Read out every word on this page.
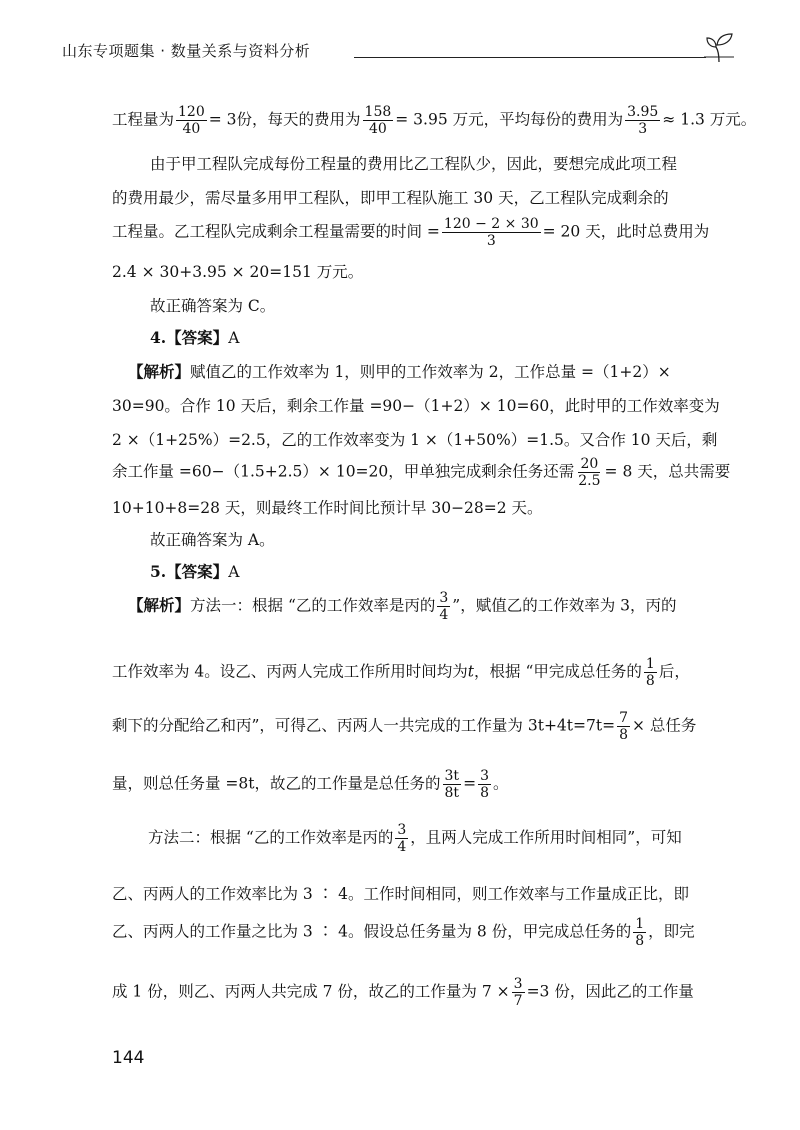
山东专项题集 · 数量关系与资料分析
工程量为 $\frac{120}{40} = 3$份，每天的费用为 $\frac{158}{40} = 3.95$ 万元，平均每份的费用为 $\frac{3.95}{3} \approx 1.3$ 万元。
由于甲工程队完成每份工程量的费用比乙工程队少，因此，要想完成此项工程
的费用最少，需尽量多用甲工程队，即甲工程队施工 30 天，乙工程队完成剩余的
工程量。乙工程队完成剩余工程量需要的时间 = $\frac{120 - 2 \times 30}{3} = 20$ 天，此时总费用为
2.4 × 30+3.95 × 20=151 万元。
故正确答案为 C。
4.【答案】A
【解析】赋值乙的工作效率为 1，则甲的工作效率为 2，工作总量 =（1+2）×
30=90。合作 10 天后，剩余工作量 =90−（1+2）× 10=60，此时甲的工作效率变为
2 ×（1+25%）=2.5，乙的工作效率变为 1 ×（1+50%）=1.5。又合作 10 天后，剩
余工作量 =60−（1.5+2.5）× 10=20，甲单独完成剩余任务还需 $\frac{20}{2.5} = 8$ 天，总共需要
10+10+8=28 天，则最终工作时间比预计早 30−28=2 天。
故正确答案为 A。
5.【答案】A
【解析】方法一：根据 “乙的工作效率是丙的 $\frac{3}{4}$ ”，赋值乙的工作效率为 3，丙的
工作效率为 4。设乙、丙两人完成工作所用时间均为t，根据 “甲完成总任务的 $\frac{1}{8}$ 后，
剩下的分配给乙和丙”，可得乙、丙两人一共完成的工作量为 $3t+4t=7t= \frac{7}{8}$ × 总任务
量，则总任务量 =8t，故乙的工作量是总任务的 $\frac{3t}{8t} = \frac{3}{8}$ 。
方法二：根据 “乙的工作效率是丙的 $\frac{3}{4}$ ，且两人完成工作所用时间相同”，可知
乙、丙两人的工作效率比为 3 ∶ 4。工作时间相同，则工作效率与工作量成正比，即
乙、丙两人的工作量之比为 3 ∶ 4。假设总任务量为 8 份，甲完成总任务的 $\frac{1}{8}$ ，即完
成 1 份，则乙、丙两人共完成 7 份，故乙的工作量为 $7 \times \frac{3}{7} =3$ 份，因此乙的工作量
144
